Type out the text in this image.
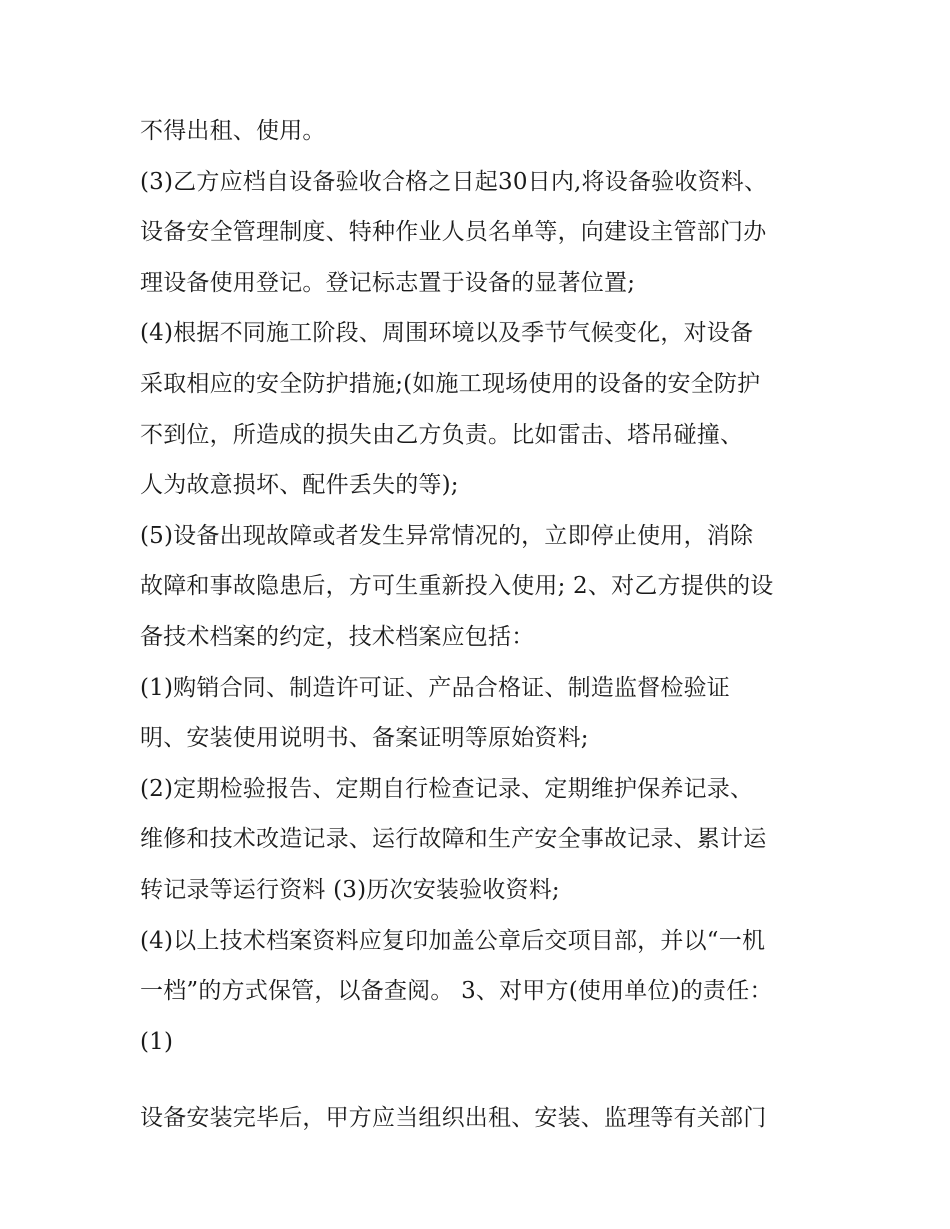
不得出租、使用。
(3)乙方应档自设备验收合格之日起30日内,将设备验收资料、
设备安全管理制度、特种作业人员名单等，向建设主管部门办
理设备使用登记。登记标志置于设备的显著位置;
(4)根据不同施工阶段、周围环境以及季节气候变化，对设备
采取相应的安全防护措施;(如施工现场使用的设备的安全防护
不到位，所造成的损失由乙方负责。比如雷击、塔吊碰撞、
人为故意损坏、配件丢失的等);
(5)设备出现故障或者发生异常情况的，立即停止使用，消除
故障和事故隐患后，方可生重新投入使用; 2、对乙方提供的设
备技术档案的约定，技术档案应包括：
(1)购销合同、制造许可证、产品合格证、制造监督检验证
明、安装使用说明书、备案证明等原始资料;
(2)定期检验报告、定期自行检查记录、定期维护保养记录、
维修和技术改造记录、运行故障和生产安全事故记录、累计运
转记录等运行资料 (3)历次安装验收资料;
(4)以上技术档案资料应复印加盖公章后交项目部，并以“一机
一档”的方式保管，以备查阅。 3、对甲方(使用单位)的责任：
(1)
设备安装完毕后，甲方应当组织出租、安装、监理等有关部门
